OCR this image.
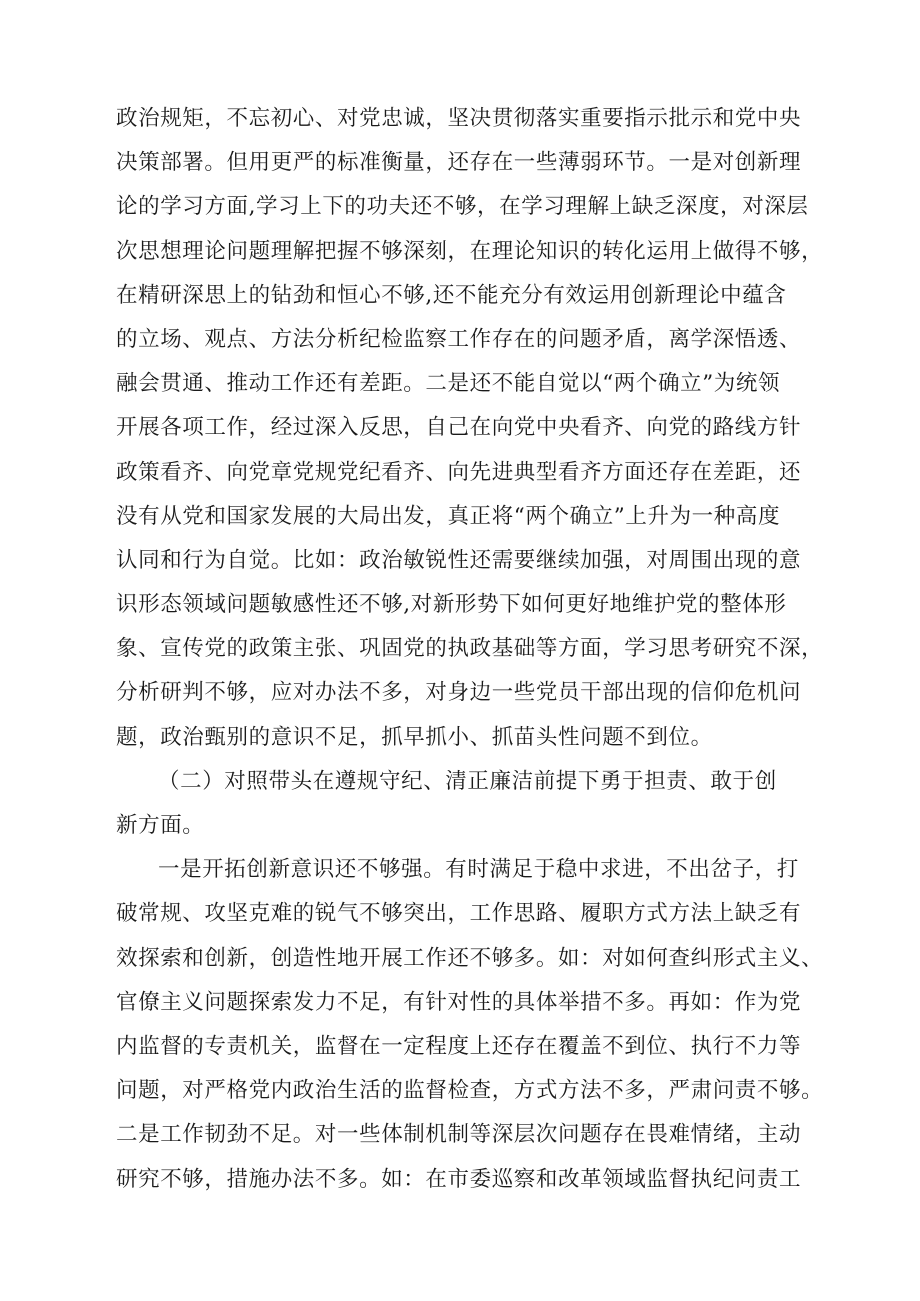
政治规矩，不忘初心、对党忠诚，坚决贯彻落实重要指示批示和党中央
决策部署。但用更严的标准衡量，还存在一些薄弱环节。一是对创新理
论的学习方面,学习上下的功夫还不够，在学习理解上缺乏深度，对深层
次思想理论问题理解把握不够深刻，在理论知识的转化运用上做得不够，
在精研深思上的钻劲和恒心不够,还不能充分有效运用创新理论中蕴含
的立场、观点、方法分析纪检监察工作存在的问题矛盾，离学深悟透、
融会贯通、推动工作还有差距。二是还不能自觉以“两个确立”为统领
开展各项工作，经过深入反思，自己在向党中央看齐、向党的路线方针
政策看齐、向党章党规党纪看齐、向先进典型看齐方面还存在差距，还
没有从党和国家发展的大局出发，真正将“两个确立”上升为一种高度
认同和行为自觉。比如：政治敏锐性还需要继续加强，对周围出现的意
识形态领域问题敏感性还不够,对新形势下如何更好地维护党的整体形
象、宣传党的政策主张、巩固党的执政基础等方面，学习思考研究不深，
分析研判不够，应对办法不多，对身边一些党员干部出现的信仰危机问
题，政治甄别的意识不足，抓早抓小、抓苗头性问题不到位。
（二）对照带头在遵规守纪、清正廉洁前提下勇于担责、敢于创
新方面。
一是开拓创新意识还不够强。有时满足于稳中求进，不出岔子，打
破常规、攻坚克难的锐气不够突出，工作思路、履职方式方法上缺乏有
效探索和创新，创造性地开展工作还不够多。如：对如何查纠形式主义、
官僚主义问题探索发力不足，有针对性的具体举措不多。再如：作为党
内监督的专责机关，监督在一定程度上还存在覆盖不到位、执行不力等
问题，对严格党内政治生活的监督检查，方式方法不多，严肃问责不够。
二是工作韧劲不足。对一些体制机制等深层次问题存在畏难情绪，主动
研究不够，措施办法不多。如：在市委巡察和改革领域监督执纪问责工
